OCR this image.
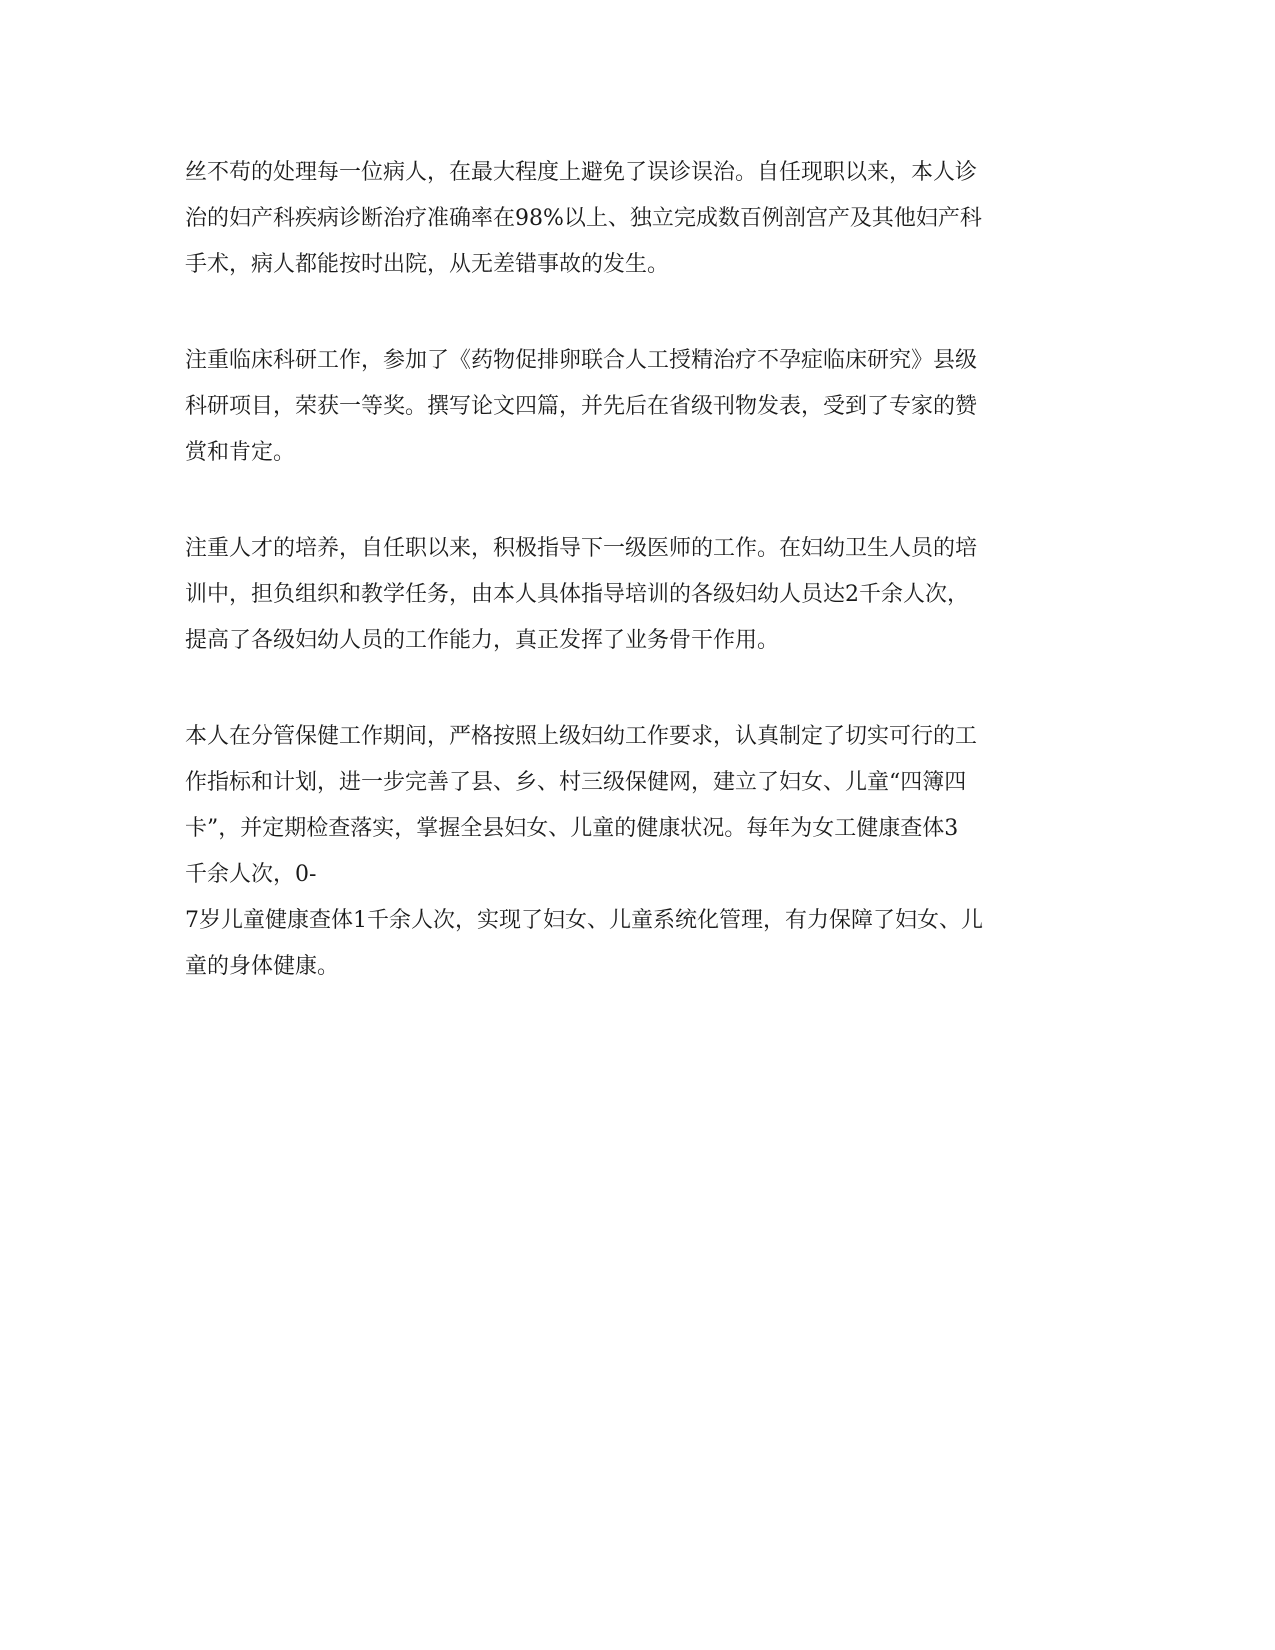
丝不苟的处理每一位病人，在最大程度上避免了误诊误治。自任现职以来，本人诊
治的妇产科疾病诊断治疗准确率在98%以上、独立完成数百例剖宫产及其他妇产科
手术，病人都能按时出院，从无差错事故的发生。
注重临床科研工作，参加了《药物促排卵联合人工授精治疗不孕症临床研究》县级
科研项目，荣获一等奖。撰写论文四篇，并先后在省级刊物发表，受到了专家的赞
赏和肯定。
注重人才的培养，自任职以来，积极指导下一级医师的工作。在妇幼卫生人员的培
训中，担负组织和教学任务，由本人具体指导培训的各级妇幼人员达2千余人次，
提高了各级妇幼人员的工作能力，真正发挥了业务骨干作用。
本人在分管保健工作期间，严格按照上级妇幼工作要求，认真制定了切实可行的工
作指标和计划，进一步完善了县、乡、村三级保健网，建立了妇女、儿童“四簿四
卡”，并定期检查落实，掌握全县妇女、儿童的健康状况。每年为女工健康查体3
千余人次，0-
7岁儿童健康查体1千余人次，实现了妇女、儿童系统化管理，有力保障了妇女、儿
童的身体健康。
